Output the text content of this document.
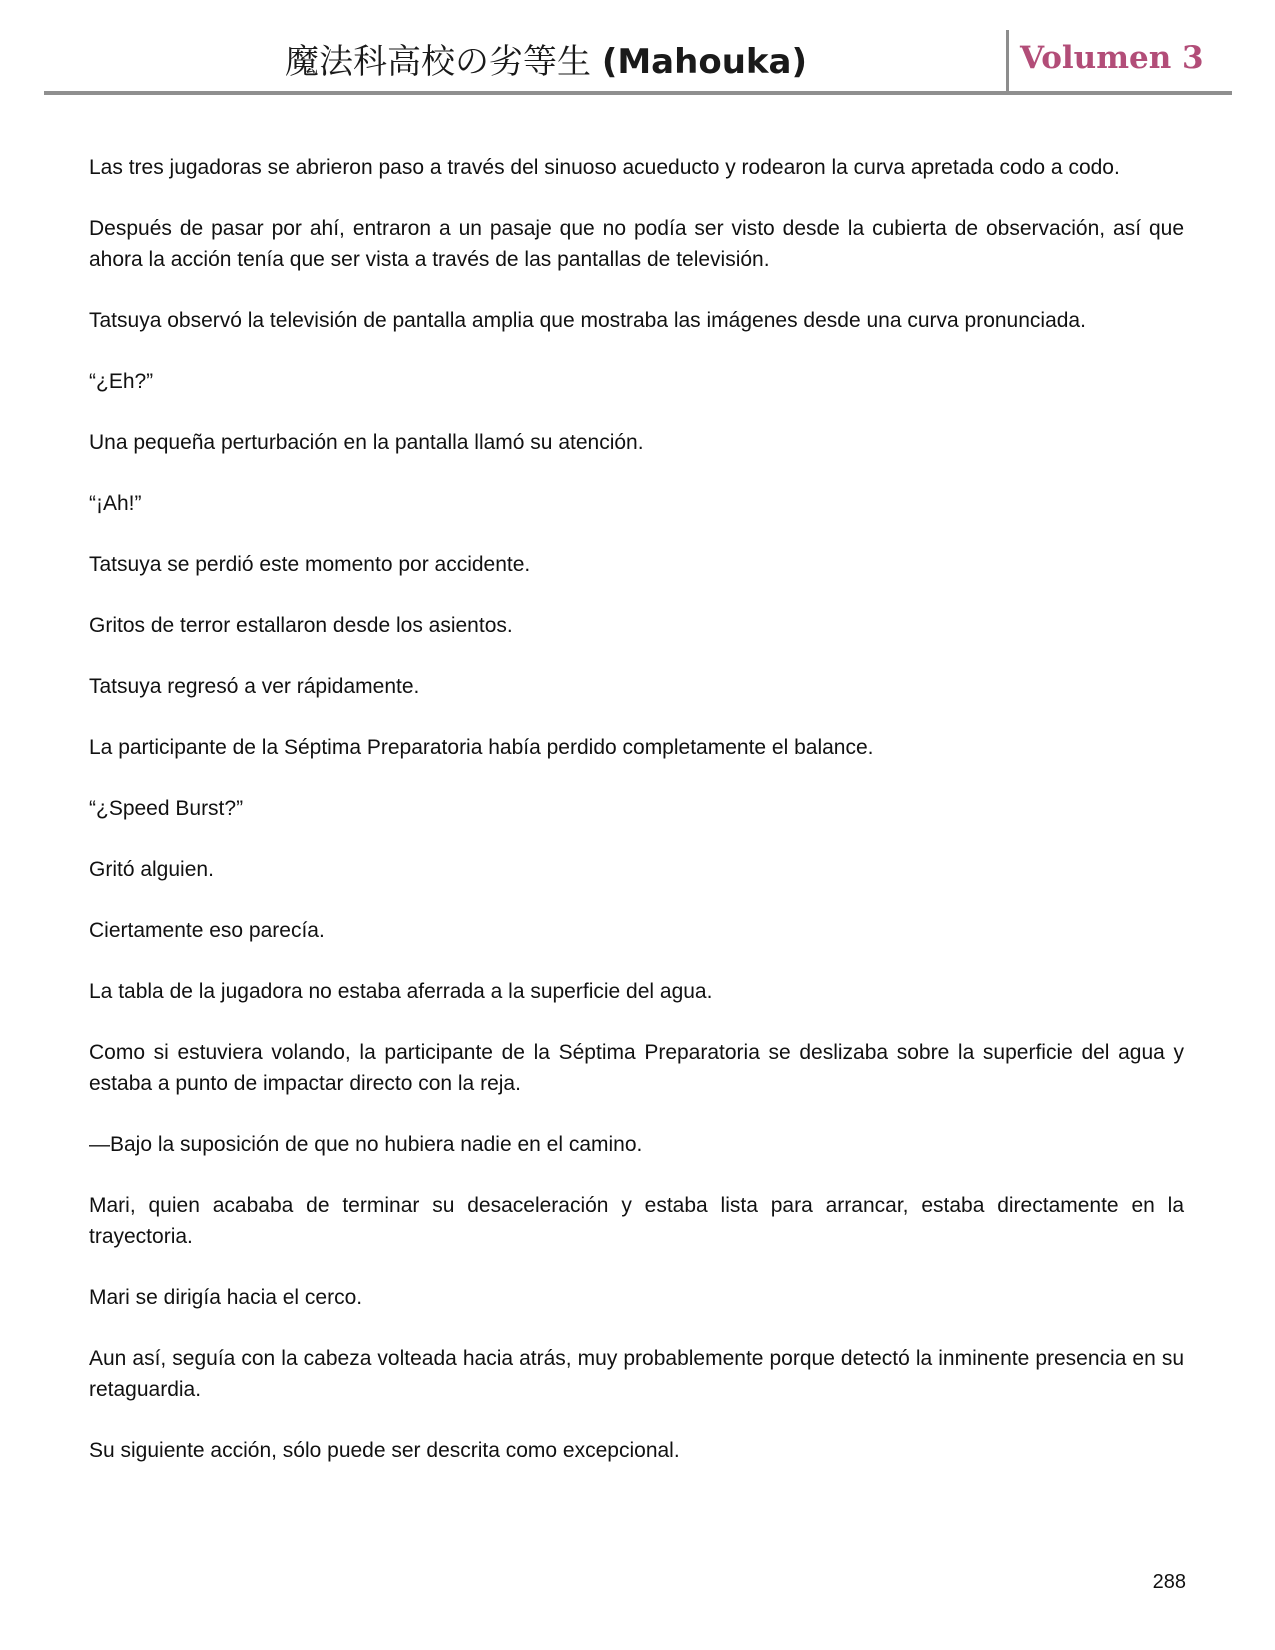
魔法科高校の劣等生 (Mahouka)	Volumen 3

Las tres jugadoras se abrieron paso a través del sinuoso acueducto y rodearon la curva apretada codo a codo.

Después de pasar por ahí, entraron a un pasaje que no podía ser visto desde la cubierta de observación, así que ahora la acción tenía que ser vista a través de las pantallas de televisión.

Tatsuya observó la televisión de pantalla amplia que mostraba las imágenes desde una curva pronunciada.

“¿Eh?”

Una pequeña perturbación en la pantalla llamó su atención.

“¡Ah!”

Tatsuya se perdió este momento por accidente.

Gritos de terror estallaron desde los asientos.

Tatsuya regresó a ver rápidamente.

La participante de la Séptima Preparatoria había perdido completamente el balance.

“¿Speed Burst?”

Gritó alguien.

Ciertamente eso parecía.

La tabla de la jugadora no estaba aferrada a la superficie del agua.

Como si estuviera volando, la participante de la Séptima Preparatoria se deslizaba sobre la superficie del agua y estaba a punto de impactar directo con la reja.

—Bajo la suposición de que no hubiera nadie en el camino.

Mari, quien acababa de terminar su desaceleración y estaba lista para arrancar, estaba directamente en la trayectoria.

Mari se dirigía hacia el cerco.

Aun así, seguía con la cabeza volteada hacia atrás, muy probablemente porque detectó la inminente presencia en su retaguardia.

Su siguiente acción, sólo puede ser descrita como excepcional.

288
